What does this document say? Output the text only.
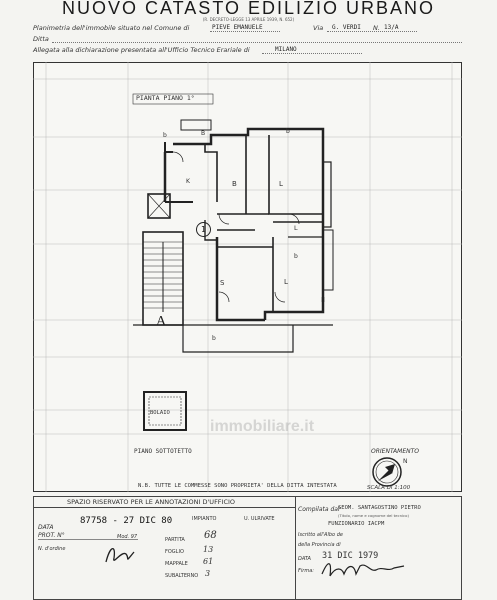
NUOVO CATASTO EDILIZIO URBANO
(R. DECRETO-LEGGE 13 APRILE 1939, N. 652)
Planimetria dell'immobile situato nel Comune di	PIEVE EMANUELE	Via G. VERDI N. 13/A
Ditta
Allegata alla dichiarazione presentata all'Ufficio Tecnico Erariale di	MILANO
PIANTA PIANO 1°
B	L
K
B
L
S	L
b
b
b
b
1
A
BOLAIO
PIANO SOTTOTETTO
N.B. TUTTE LE COMMESSE SONO PROPRIETA' DELLA DITTA INTESTATA
ORIENTAMENTO
N
SCALA DI 1:100
immobiliare.it
SPAZIO RISERVATO PER LE ANNOTAZIONI D'UFFICIO
DATA
PROT. N°
87758 - 27 DIC 80
N. d'ordine
Mod. 97
IMPIANTO	U. ULRIVATE
PARTITA 68
FOGLIO 13
MAPPALE 61
SUBALTERNO 3
Compilata dal
GEOM. SANTAGOSTINO PIETRO
(Titolo, nome e cognome del tecnico)
FUNZIONARIO IACPM
Iscritto all'Albo de
della Provincia di
DATA 31 DIC 1979
Firma:
